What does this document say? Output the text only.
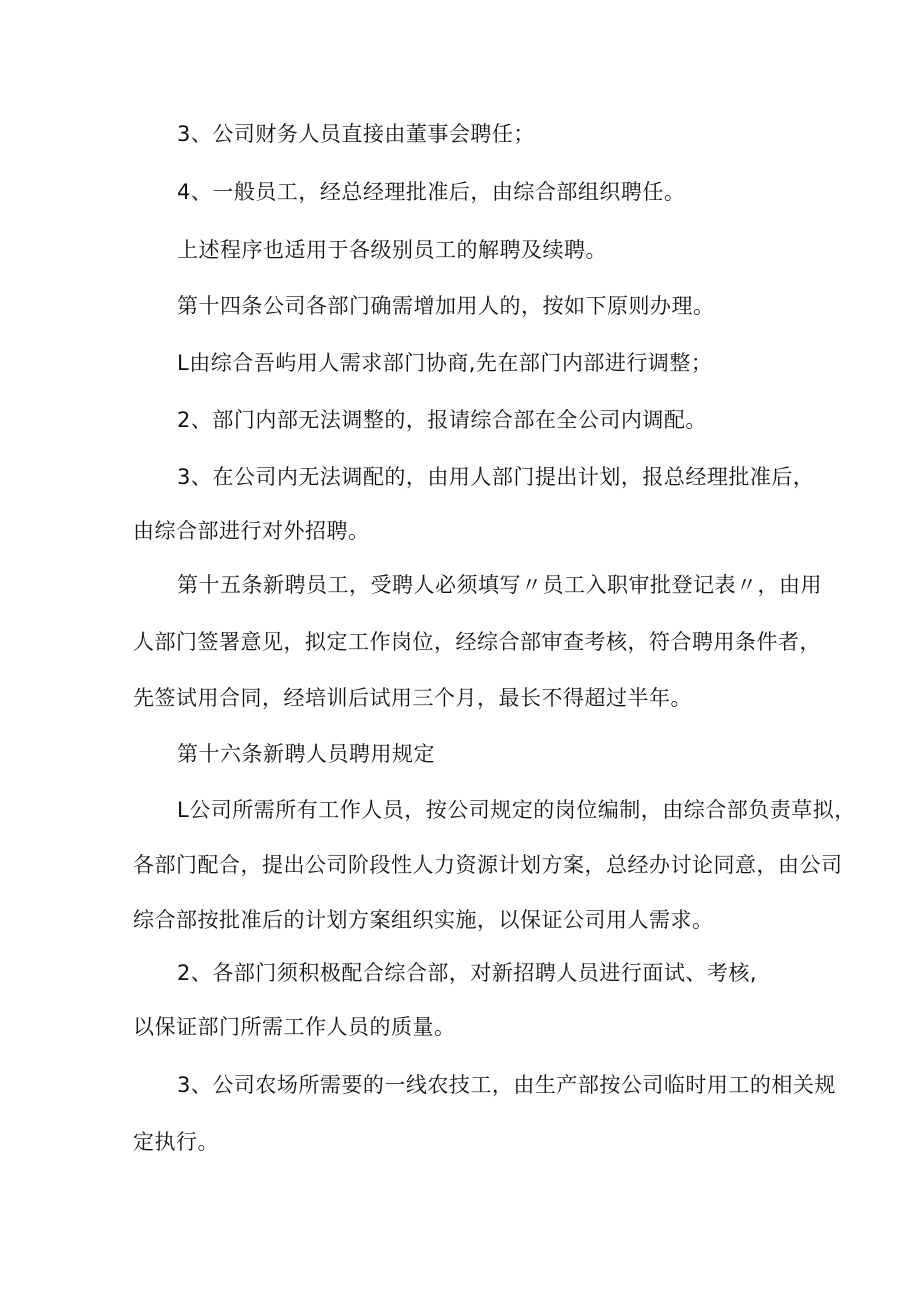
3、公司财务人员直接由董事会聘任；

4、一般员工，经总经理批准后，由综合部组织聘任。

上述程序也适用于各级别员工的解聘及续聘。

第十四条公司各部门确需增加用人的，按如下原则办理。

L由综合吾屿用人需求部门协商,先在部门内部进行调整；

2、部门内部无法调整的，报请综合部在全公司内调配。

3、在公司内无法调配的，由用人部门提出计划，报总经理批准后，

由综合部进行对外招聘。

第十五条新聘员工，受聘人必须填写〃员工入职审批登记表〃，由用

人部门签署意见，拟定工作岗位，经综合部审查考核，符合聘用条件者，

先签试用合同，经培训后试用三个月，最长不得超过半年。

第十六条新聘人员聘用规定

L公司所需所有工作人员，按公司规定的岗位编制，由综合部负责草拟，

各部门配合，提出公司阶段性人力资源计划方案，总经办讨论同意，由公司

综合部按批准后的计划方案组织实施，以保证公司用人需求。

2、各部门须积极配合综合部，对新招聘人员进行面试、考核,

以保证部门所需工作人员的质量。

3、公司农场所需要的一线农技工，由生产部按公司临时用工的相关规

定执行。
